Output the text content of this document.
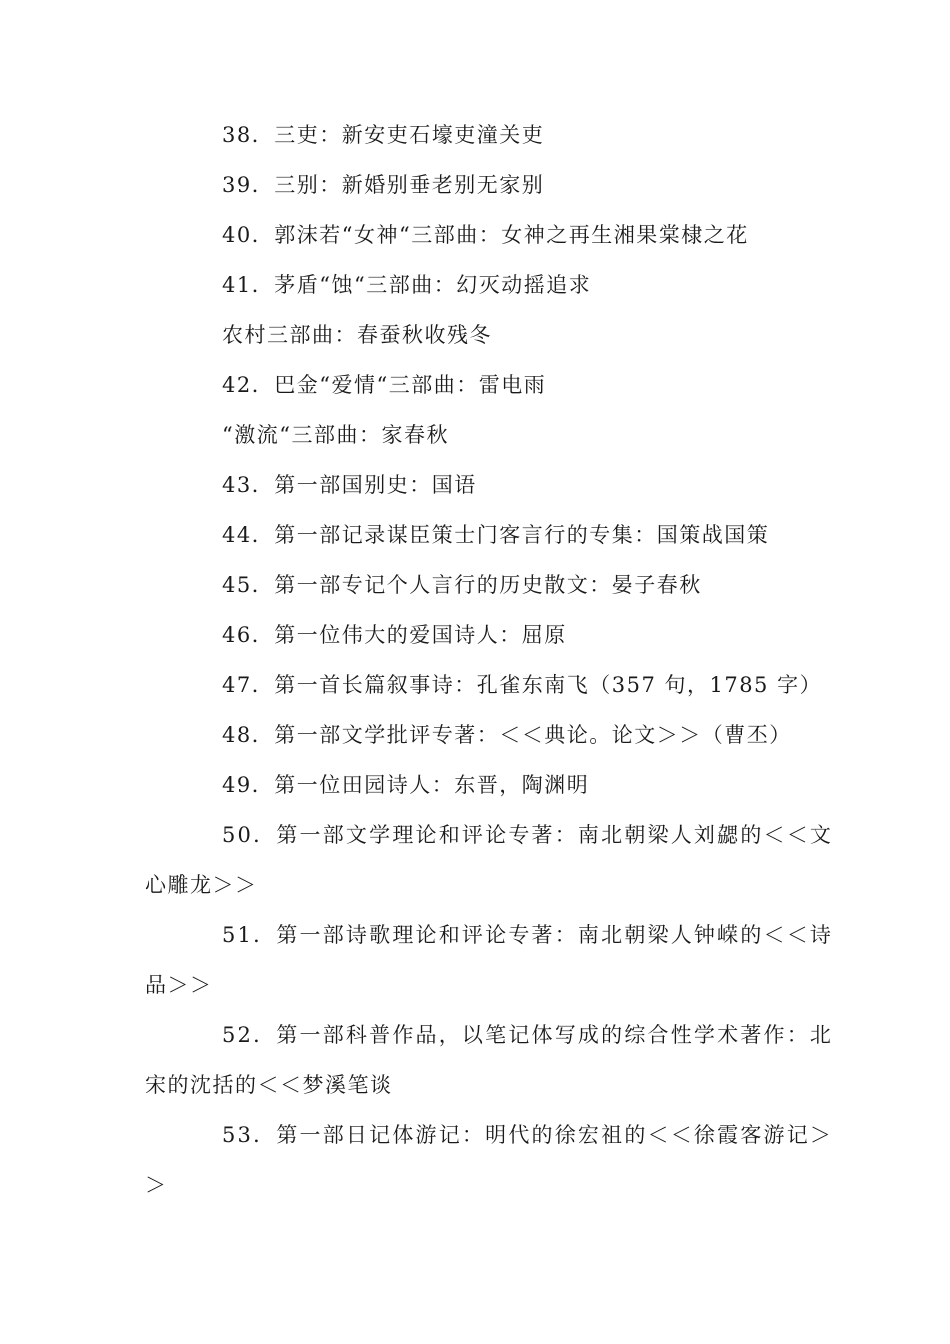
38．三吏：新安吏石壕吏潼关吏
39．三别：新婚别垂老别无家别
40．郭沫若“女神“三部曲：女神之再生湘果棠棣之花
41．茅盾“蚀“三部曲：幻灭动摇追求
农村三部曲：春蚕秋收残冬
42．巴金“爱情“三部曲：雷电雨
“激流“三部曲：家春秋
43．第一部国别史：国语
44．第一部记录谋臣策士门客言行的专集：国策战国策
45．第一部专记个人言行的历史散文：晏子春秋
46．第一位伟大的爱国诗人：屈原
47．第一首长篇叙事诗：孔雀东南飞（357 句，1785 字）
48．第一部文学批评专著：＜＜典论。论文＞＞（曹丕）
49．第一位田园诗人：东晋，陶渊明
50．第一部文学理论和评论专著：南北朝梁人刘勰的＜＜文
心雕龙＞＞
51．第一部诗歌理论和评论专著：南北朝梁人钟嵘的＜＜诗
品＞＞
52．第一部科普作品，以笔记体写成的综合性学术著作：北
宋的沈括的＜＜梦溪笔谈
53．第一部日记体游记：明代的徐宏祖的＜＜徐霞客游记＞
＞
